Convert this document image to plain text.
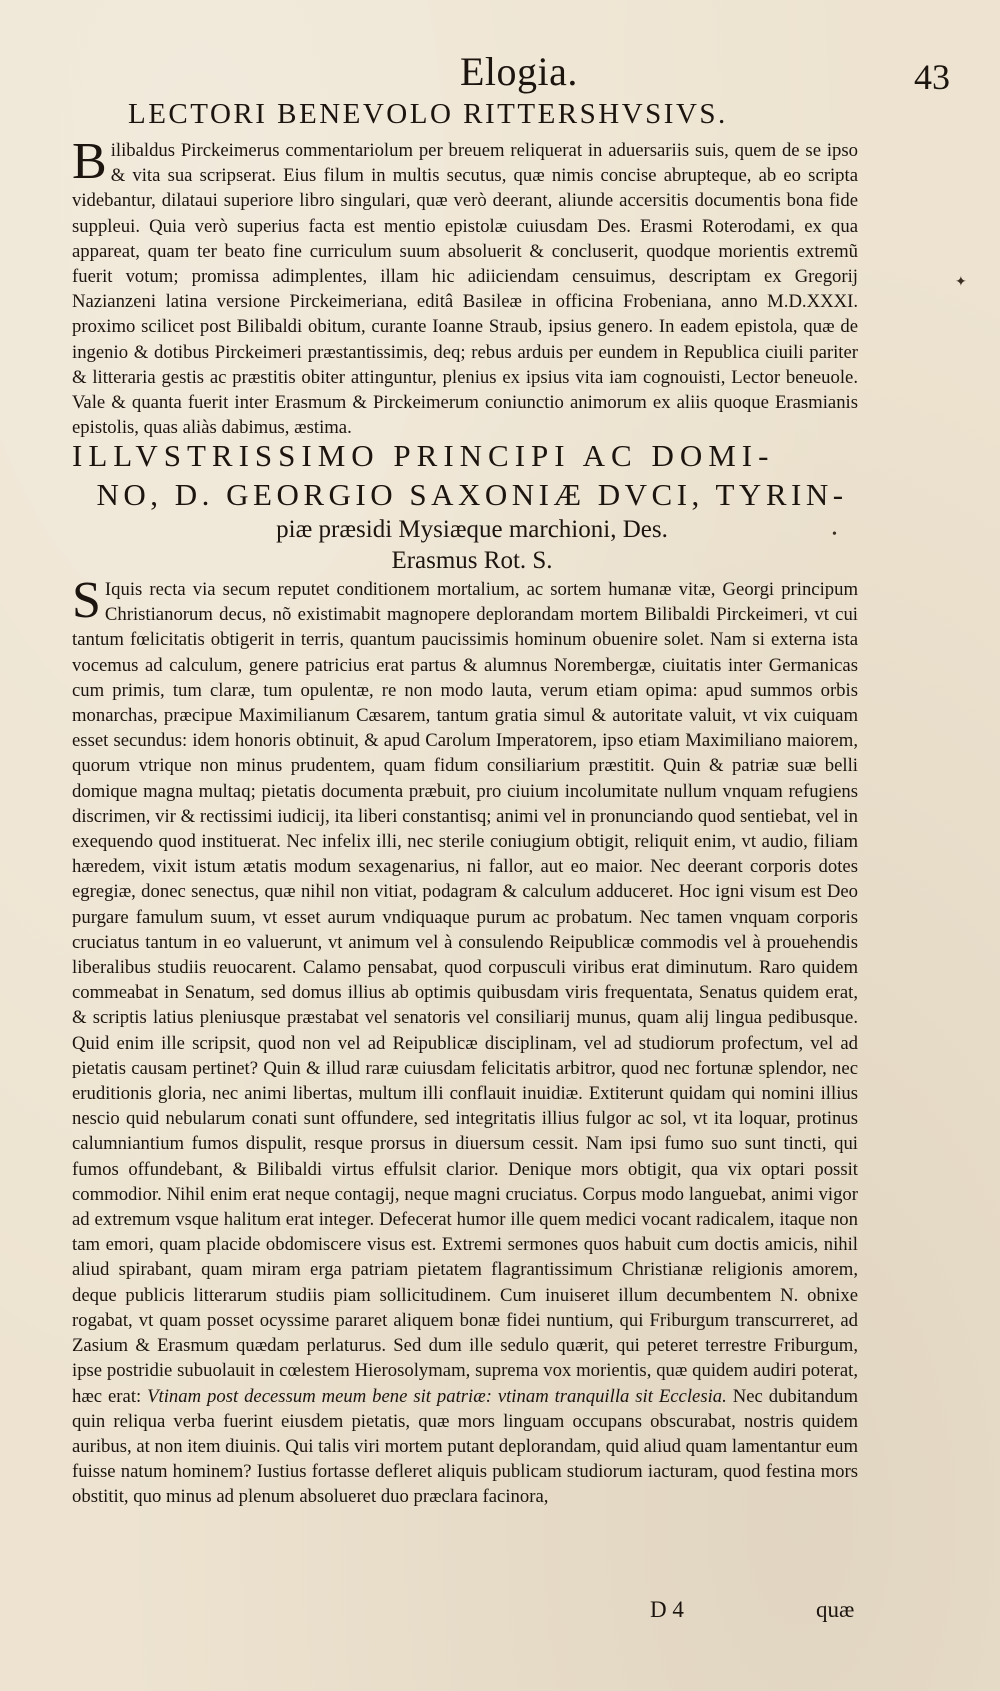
Elogia.	43
LECTORI BENEVOLO RITTERSHVSIVS.

Bilibaldus Pirckeimerus commentariolum per breuem reliquerat in aduersariis suis, quem de se ipso & vita sua scripserat. Eius filum in multis secutus, quæ nimis concise abrupteque, ab eo scripta videbantur, dilataui superiore libro singulari, quæ verò deerant, aliunde accersitis documentis bona fide suppleui. Quia verò superius facta est mentio epistolæ cuiusdam Des. Erasmi Roterodami, ex qua appareat, quam ter beato fine curriculum suum absoluerit & concluserit, quodque morientis extremũ fuerit votum; promissa adimplentes, illam hic adiiciendam censuimus, descriptam ex Gregorij Nazianzeni latina versione Pirckeimeriana, editâ Basileæ in officina Frobeniana, anno M.D.XXXI. proximo scilicet post Bilibaldi obitum, curante Ioanne Straub, ipsius genero. In eadem epistola, quæ de ingenio & dotibus Pirckeimeri præstantissimis, deq; rebus arduis per eundem in Republica ciuili pariter & litteraria gestis ac præstitis obiter attinguntur, plenius ex ipsius vita iam cognouisti, Lector beneuole. Vale & quanta fuerit inter Erasmum & Pirckeimerum coniunctio animorum ex aliis quoque Erasmianis epistolis, quas aliàs dabimus, æstima.

ILLVSTRISSIMO PRINCIPI AC DOMI-
NO, D. GEORGIO SAXONIÆ DVCI, TYRIN-
piæ præsidi Mysiæque marchioni, Des.
Erasmus Rot. S.

S Iquis recta via secum reputet conditionem mortalium, ac sortem humanæ vitæ, Georgi principum Christianorum decus, nõ existimabit magnopere deplorandam mortem Bilibaldi Pirckeimeri, vt cui tantum fœlicitatis obtigerit in terris, quantum paucissimis hominum obuenire solet. Nam si externa ista vocemus ad calculum, genere patricius erat partus & alumnus Norembergæ, ciuitatis inter Germanicas cum primis, tum claræ, tum opulentæ, re non modo lauta, verum etiam opima: apud summos orbis monarchas, præcipue Maximilianum Cæsarem, tantum gratia simul & autoritate valuit, vt vix cuiquam esset secundus: idem honoris obtinuit, & apud Carolum Imperatorem, ipso etiam Maximiliano maiorem, quorum vtrique non minus prudentem, quam fidum consiliarium præstitit. Quin & patriæ suæ belli domique magna multaq; pietatis documenta præbuit, pro ciuium incolumitate nullum vnquam refugiens discrimen, vir & rectissimi iudicij, ita liberi constantisq; animi vel in pronunciando quod sentiebat, vel in exequendo quod instituerat. Nec infelix illi, nec sterile coniugium obtigit, reliquit enim, vt audio, filiam hæredem, vixit istum ætatis modum sexagenarius, ni fallor, aut eo maior. Nec deerant corporis dotes egregiæ, donec senectus, quæ nihil non vitiat, podagram & calculum adduceret. Hoc igni visum est Deo purgare famulum suum, vt esset aurum vndiquaque purum ac probatum. Nec tamen vnquam corporis cruciatus tantum in eo valuerunt, vt animum vel à consulendo Reipublicæ commodis vel à prouehendis liberalibus studiis reuocarent. Calamo pensabat, quod corpusculi viribus erat diminutum. Raro quidem commeabat in Senatum, sed domus illius ab optimis quibusdam viris frequentata, Senatus quidem erat, & scriptis latius pleniusque præstabat vel senatoris vel consiliarij munus, quam alij lingua pedibusque. Quid enim ille scripsit, quod non vel ad Reipublicæ disciplinam, vel ad studiorum profectum, vel ad pietatis causam pertinet? Quin & illud raræ cuiusdam felicitatis arbitror, quod nec fortunæ splendor, nec eruditionis gloria, nec animi libertas, multum illi conflauit inuidiæ. Extiterunt quidam qui nomini illius nescio quid nebularum conati sunt offundere, sed integritatis illius fulgor ac sol, vt ita loquar, protinus calumniantium fumos dispulit, resque prorsus in diuersum cessit. Nam ipsi fumo suo sunt tincti, qui fumos offundebant, & Bilibaldi virtus effulsit clarior. Denique mors obtigit, qua vix optari possit commodior. Nihil enim erat neque contagij, neque magni cruciatus. Corpus modo languebat, animi vigor ad extremum vsque halitum erat integer. Defecerat humor ille quem medici vocant radicalem, itaque non tam emori, quam placide obdomiscere visus est. Extremi sermones quos habuit cum doctis amicis, nihil aliud spirabant, quam miram erga patriam pietatem flagrantissimum Christianæ religionis amorem, deque publicis litterarum studiis piam sollicitudinem. Cum inuiseret illum decumbentem N. obnixe rogabat, vt quam posset ocyssime pararet aliquem bonæ fidei nuntium, qui Friburgum transcurreret, ad Zasium & Erasmum quædam perlaturus. Sed dum ille sedulo quærit, qui peteret terrestre Friburgum, ipse postridie subuolauit in cœlestem Hierosolymam, suprema vox morientis, quæ quidem audiri poterat, hæc erat: Vtinam post decessum meum bene sit patriæ: vtinam tranquilla sit Ecclesia. Nec dubitandum quin reliqua verba fuerint eiusdem pietatis, quæ mors linguam occupans obscurabat, nostris quidem auribus, at non item diuinis. Qui talis viri mortem putant deplorandam, quid aliud quam lamentantur eum fuisse natum hominem? Iustius fortasse defleret aliquis publicam studiorum iacturam, quod festina mors obstitit, quo minus ad plenum absolueret duo præclara facinora,

D 4	quæ
✦
•
